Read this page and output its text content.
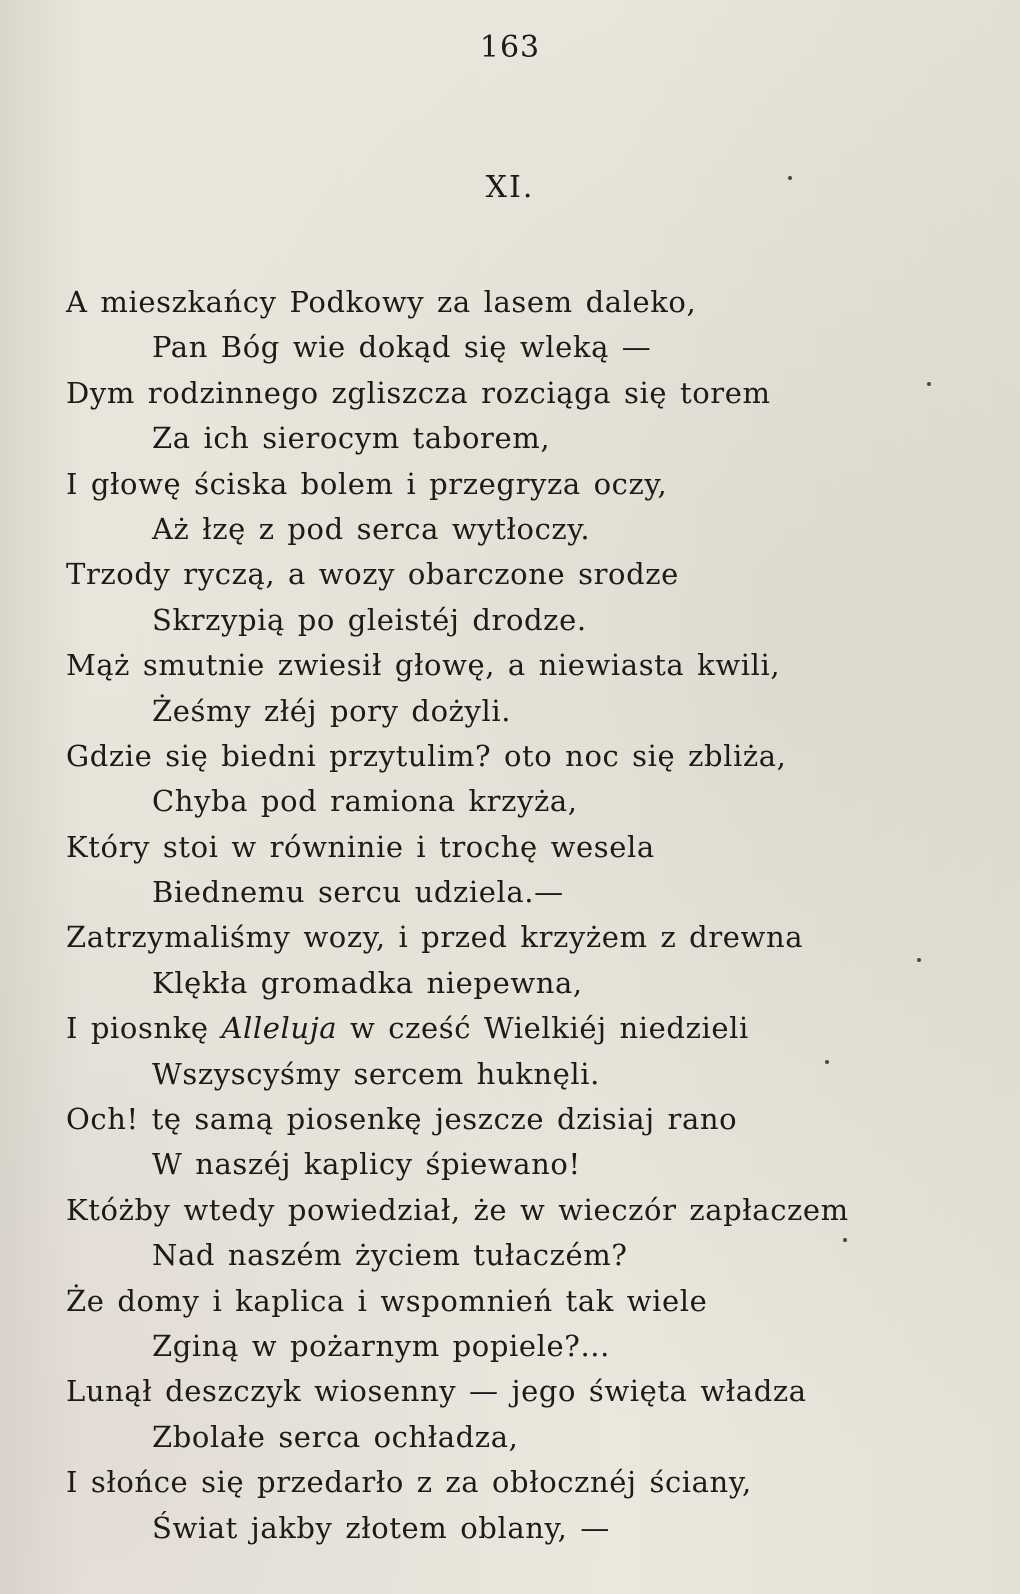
163
XI.
A mieszkańcy Podkowy za lasem daleko,
Pan Bóg wie dokąd się wleką —
Dym rodzinnego zgliszcza rozciąga się torem
Za ich sierocym taborem,
I głowę ściska bolem i przegryza oczy,
Aż łzę z pod serca wytłoczy.
Trzody ryczą, a wozy obarczone srodze
Skrzypią po gleistéj drodze.
Mąż smutnie zwiesił głowę, a niewiasta kwili,
Żeśmy złéj pory dożyli.
Gdzie się biedni przytulim? oto noc się zbliża,
Chyba pod ramiona krzyża,
Który stoi w równinie i trochę wesela
Biednemu sercu udziela.—
Zatrzymaliśmy wozy, i przed krzyżem z drewna
Klękła gromadka niepewna,
I piosnkę Alleluja w cześć Wielkiéj niedzieli
Wszyscyśmy sercem huknęli.
Och! tę samą piosenkę jeszcze dzisiaj rano
W naszéj kaplicy śpiewano!
Któżby wtedy powiedział, że w wieczór zapłaczem
Nad naszém życiem tułaczém?
Że domy i kaplica i wspomnień tak wiele
Zginą w pożarnym popiele?...
Lunął deszczyk wiosenny — jego święta władza
Zbolałe serca ochładza,
I słońce się przedarło z za obłocznéj ściany,
Świat jakby złotem oblany, —
